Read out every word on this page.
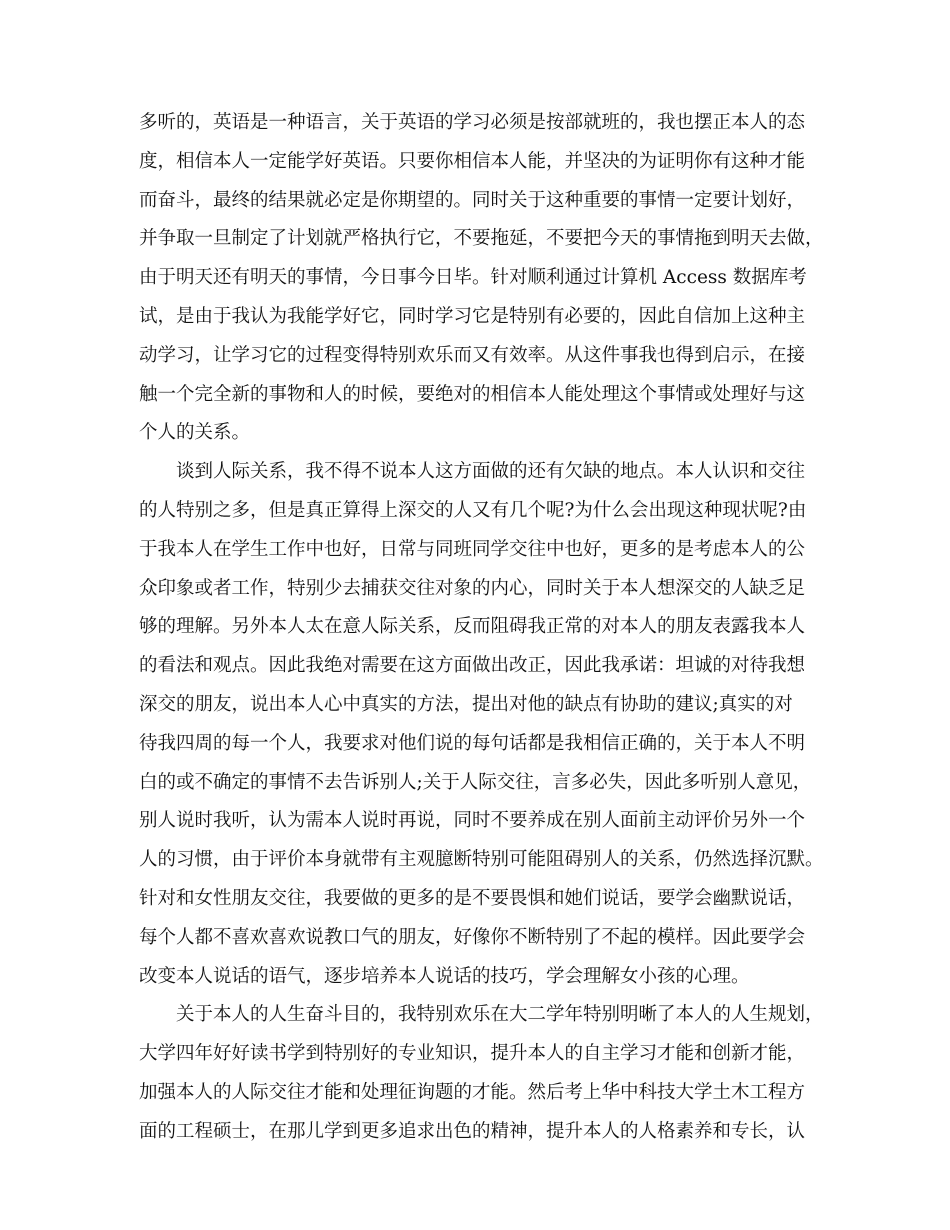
多听的，英语是一种语言，关于英语的学习必须是按部就班的，我也摆正本人的态
度，相信本人一定能学好英语。只要你相信本人能，并坚决的为证明你有这种才能
而奋斗，最终的结果就必定是你期望的。同时关于这种重要的事情一定要计划好，
并争取一旦制定了计划就严格执行它，不要拖延，不要把今天的事情拖到明天去做，
由于明天还有明天的事情，今日事今日毕。针对顺利通过计算机 Access 数据库考
试，是由于我认为我能学好它，同时学习它是特别有必要的，因此自信加上这种主
动学习，让学习它的过程变得特别欢乐而又有效率。从这件事我也得到启示，在接
触一个完全新的事物和人的时候，要绝对的相信本人能处理这个事情或处理好与这
个人的关系。
　　谈到人际关系，我不得不说本人这方面做的还有欠缺的地点。本人认识和交往
的人特别之多，但是真正算得上深交的人又有几个呢?为什么会出现这种现状呢?由
于我本人在学生工作中也好，日常与同班同学交往中也好，更多的是考虑本人的公
众印象或者工作，特别少去捕获交往对象的内心，同时关于本人想深交的人缺乏足
够的理解。另外本人太在意人际关系，反而阻碍我正常的对本人的朋友表露我本人
的看法和观点。因此我绝对需要在这方面做出改正，因此我承诺：坦诚的对待我想
深交的朋友，说出本人心中真实的方法，提出对他的缺点有协助的建议;真实的对
待我四周的每一个人，我要求对他们说的每句话都是我相信正确的，关于本人不明
白的或不确定的事情不去告诉别人;关于人际交往，言多必失，因此多听别人意见，
别人说时我听，认为需本人说时再说，同时不要养成在别人面前主动评价另外一个
人的习惯，由于评价本身就带有主观臆断特别可能阻碍别人的关系，仍然选择沉默。
针对和女性朋友交往，我要做的更多的是不要畏惧和她们说话，要学会幽默说话，
每个人都不喜欢喜欢说教口气的朋友，好像你不断特别了不起的模样。因此要学会
改变本人说话的语气，逐步培养本人说话的技巧，学会理解女小孩的心理。
　　关于本人的人生奋斗目的，我特别欢乐在大二学年特别明晰了本人的人生规划，
大学四年好好读书学到特别好的专业知识，提升本人的自主学习才能和创新才能，
加强本人的人际交往才能和处理征询题的才能。然后考上华中科技大学土木工程方
面的工程硕士，在那儿学到更多追求出色的精神，提升本人的人格素养和专长，认
